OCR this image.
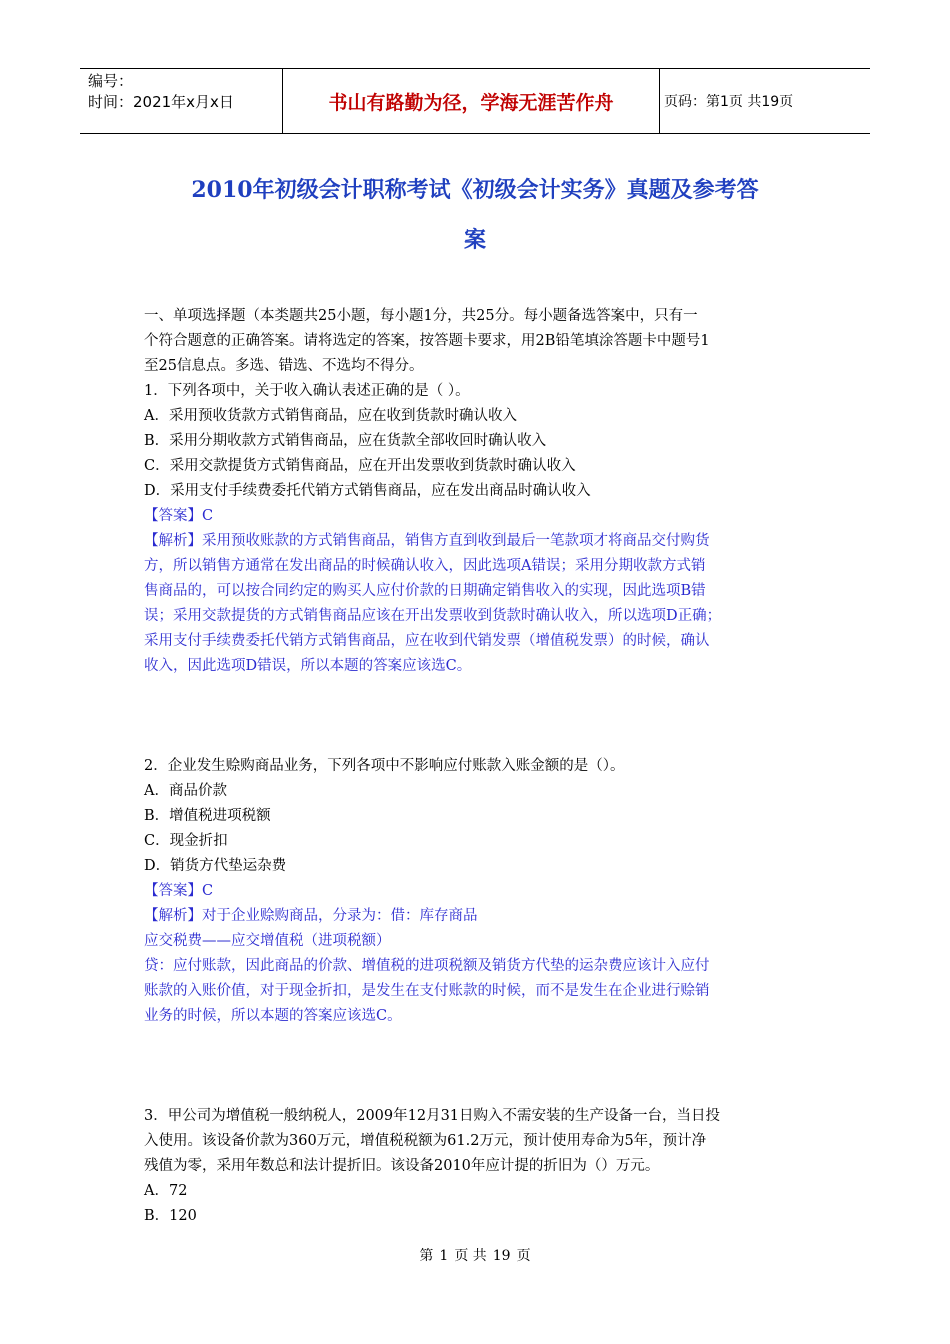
编号：
时间：2021年x月x日	书山有路勤为径，学海无涯苦作舟	页码：第1页 共19页
2010年初级会计职称考试《初级会计实务》真题及参考答
案
一、单项选择题（本类题共25小题，每小题1分，共25分。每小题备选答案中，只有一
个符合题意的正确答案。请将选定的答案，按答题卡要求，用2B铅笔填涂答题卡中题号1
至25信息点。多选、错选、不选均不得分。
1．下列各项中，关于收入确认表述正确的是（ ）。
A．采用预收货款方式销售商品，应在收到货款时确认收入
B．采用分期收款方式销售商品，应在货款全部收回时确认收入
C．采用交款提货方式销售商品，应在开出发票收到货款时确认收入
D．采用支付手续费委托代销方式销售商品，应在发出商品时确认收入
【答案】C
【解析】采用预收账款的方式销售商品，销售方直到收到最后一笔款项才将商品交付购货
方，所以销售方通常在发出商品的时候确认收入，因此选项A错误；采用分期收款方式销
售商品的，可以按合同约定的购买人应付价款的日期确定销售收入的实现，因此选项B错
误；采用交款提货的方式销售商品应该在开出发票收到货款时确认收入，所以选项D正确；
采用支付手续费委托代销方式销售商品，应在收到代销发票（增值税发票）的时候，确认
收入，因此选项D错误，所以本题的答案应该选C。
2．企业发生赊购商品业务，下列各项中不影响应付账款入账金额的是（）。
A．商品价款
B．增值税进项税额
C．现金折扣
D．销货方代垫运杂费
【答案】C
【解析】对于企业赊购商品，分录为：借：库存商品
应交税费——应交增值税（进项税额）
贷：应付账款，因此商品的价款、增值税的进项税额及销货方代垫的运杂费应该计入应付
账款的入账价值，对于现金折扣，是发生在支付账款的时候，而不是发生在企业进行赊销
业务的时候，所以本题的答案应该选C。
3．甲公司为增值税一般纳税人，2009年12月31日购入不需安装的生产设备一台，当日投
入使用。该设备价款为360万元，增值税税额为61.2万元，预计使用寿命为5年，预计净
残值为零，采用年数总和法计提折旧。该设备2010年应计提的折旧为（）万元。
A．72
B．120
第 1 页 共 19 页
